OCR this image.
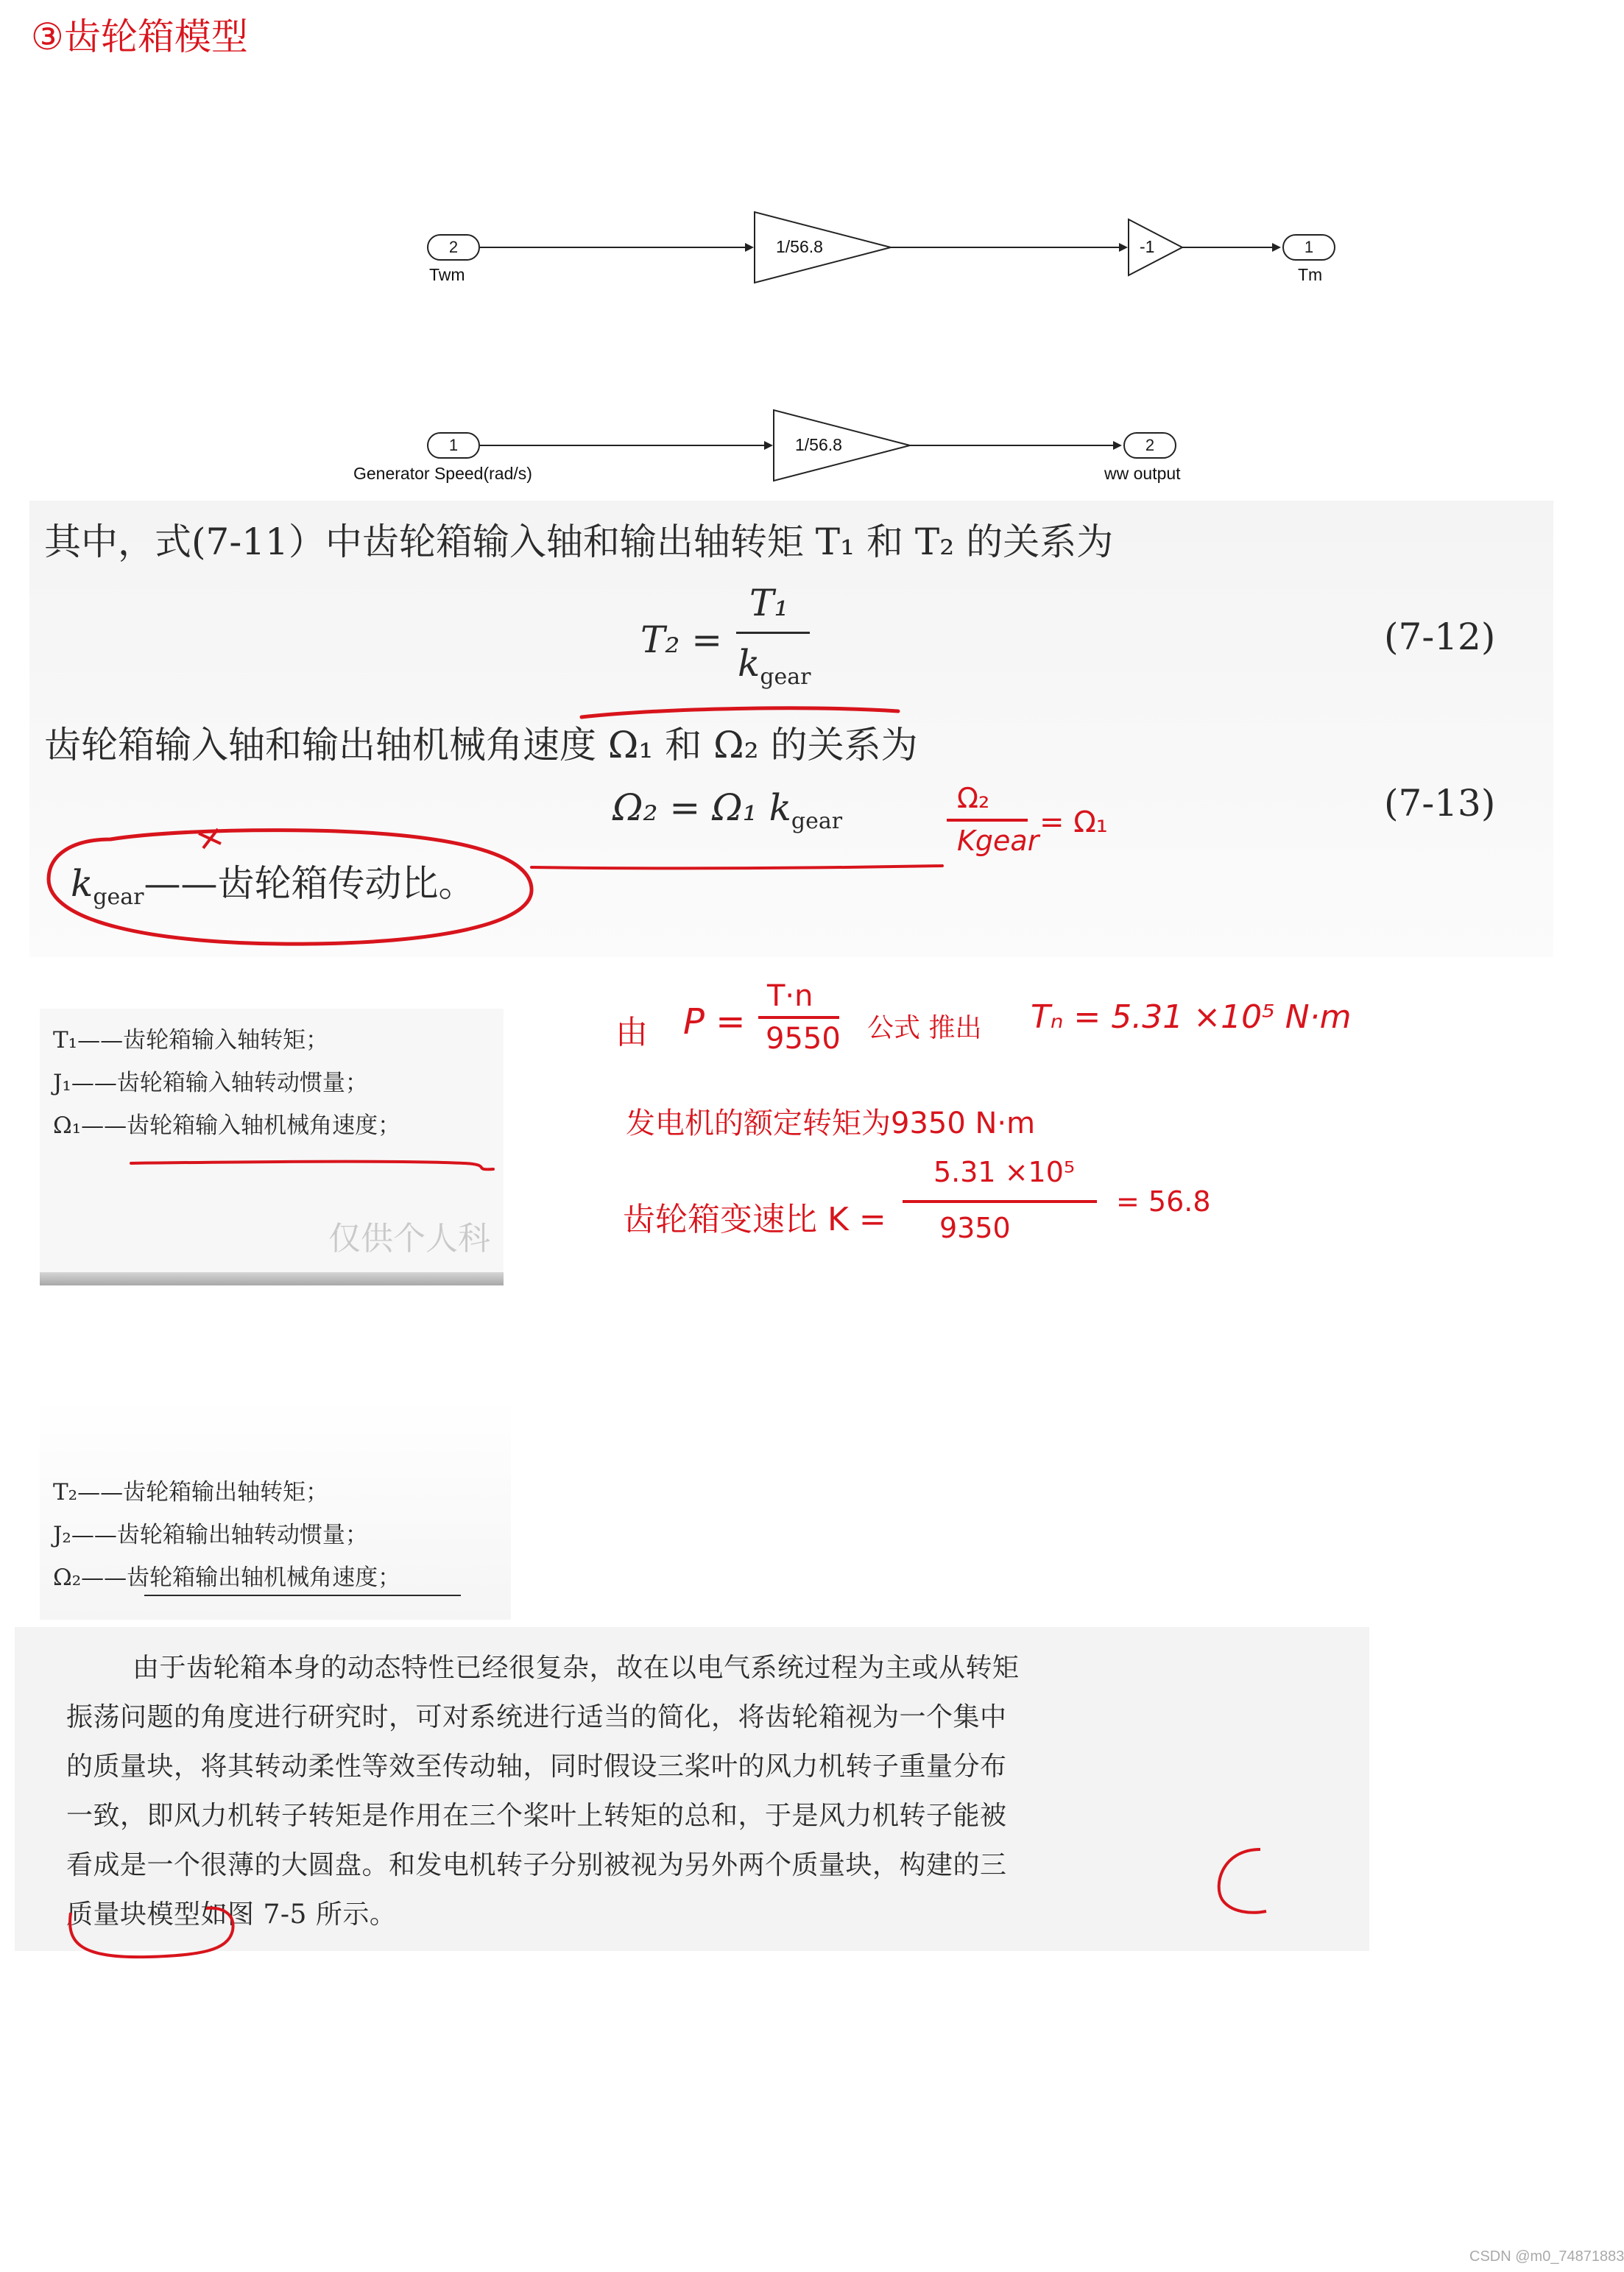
③齿轮箱模型
2
Twm
1/56.8	-1	1
Tm
1
Generator Speed(rad/s)
1/56.8	2
ww output
其中，式(7-11）中齿轮箱输入轴和输出轴转矩 T₁ 和 T₂ 的关系为
T₂ =
T₁
$k_{gear}$
(7-12)
齿轮箱输入轴和输出轴机械角速度 Ω₁ 和 Ω₂ 的关系为
Ω₂ = Ω₁ $k_{gear}$	(7-13)
$k_{gear}——$齿轮箱传动比。
Ω₂
Kgear
= Ω₁
T₁——齿轮箱输入轴转矩；
J₁——齿轮箱输入轴转动惯量；
Ω₁——齿轮箱输入轴机械角速度；
仅供个人科
由 P =
T·n
9550 公式 推出 Tₙ = 5.31 ×10⁵ N·m
发电机的额定转矩为9350 N·m
齿轮箱变速比 K =
5.31 ×10⁵
9350
= 56.8
T₂——齿轮箱输出轴转矩；
J₂——齿轮箱输出轴转动惯量；
Ω₂——齿轮箱输出轴机械角速度；
由于齿轮箱本身的动态特性已经很复杂，故在以电气系统过程为主或从转矩
振荡问题的角度进行研究时，可对系统进行适当的简化，将齿轮箱视为一个集中
的质量块，将其转动柔性等效至传动轴，同时假设三桨叶的风力机转子重量分布
一致，即风力机转子转矩是作用在三个桨叶上转矩的总和，于是风力机转子能被
看成是一个很薄的大圆盘。和发电机转子分别被视为另外两个质量块，构建的三
质量块模型如图 7-5 所示。
CSDN @m0_74871883
